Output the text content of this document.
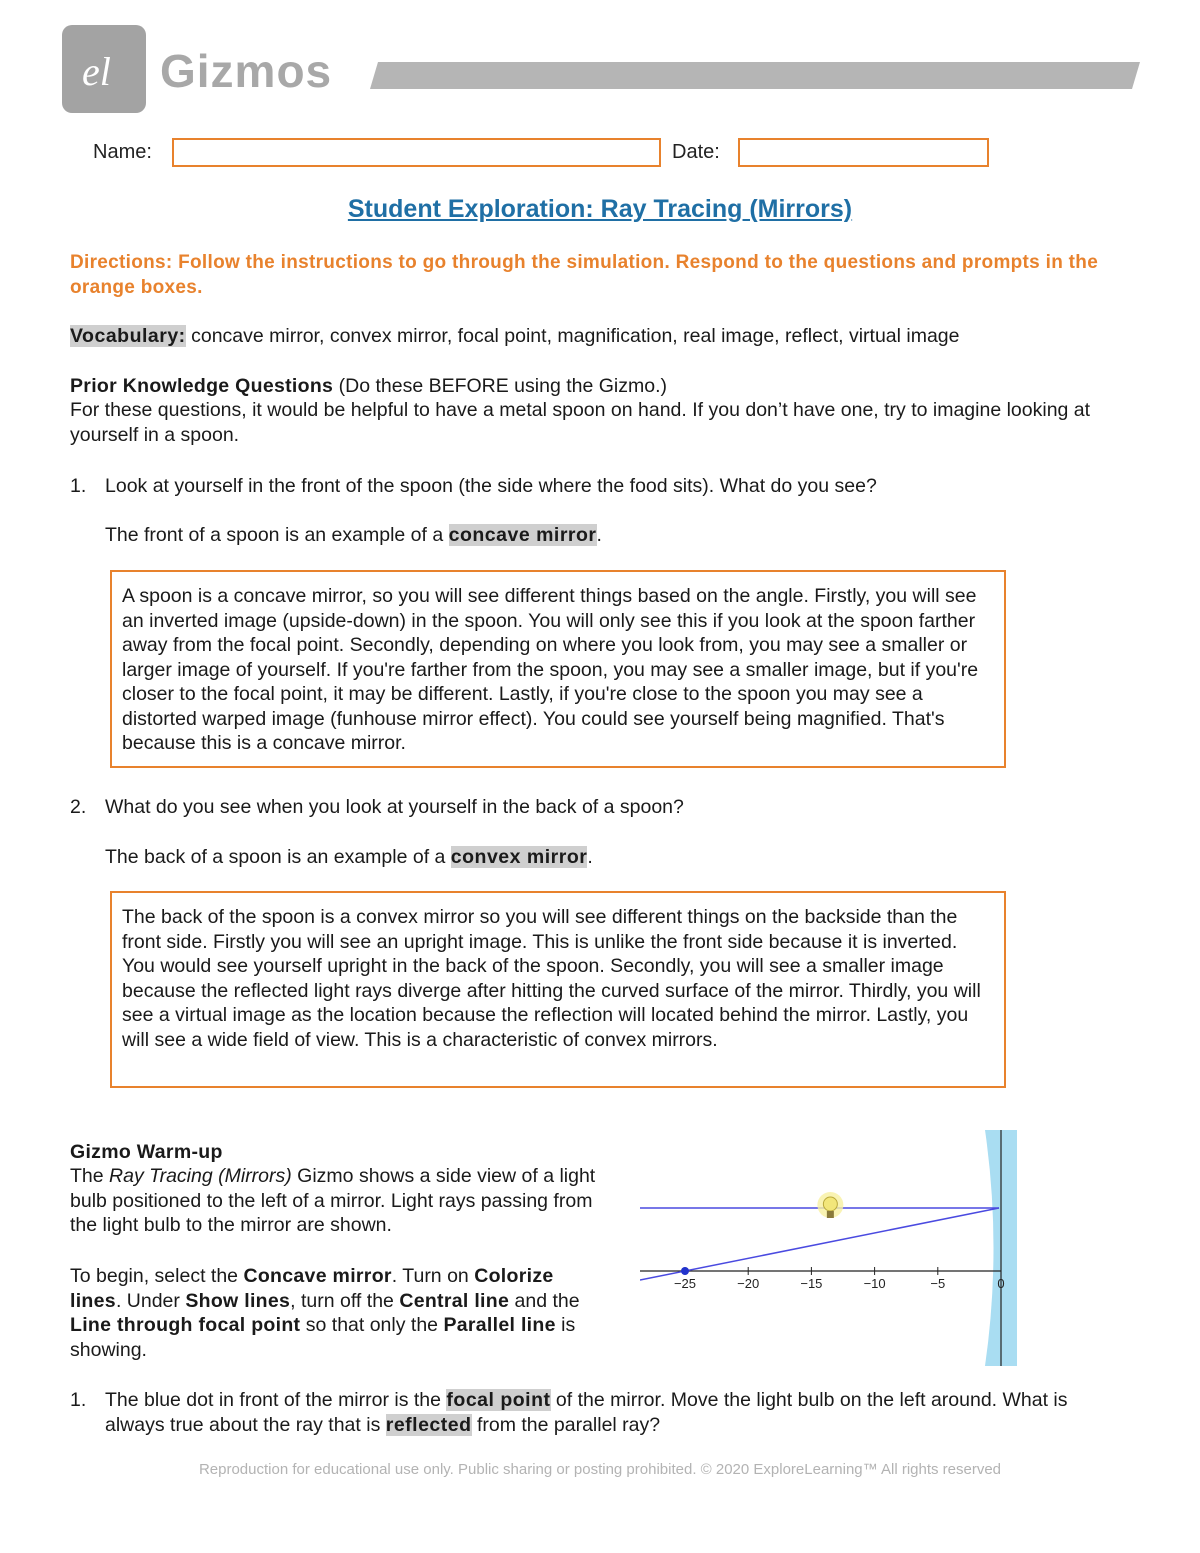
el Gizmos
Name:	Date:
Student Exploration: Ray Tracing (Mirrors)
Directions: Follow the instructions to go through the simulation. Respond to the questions and prompts in the orange boxes.
Vocabulary: concave mirror, convex mirror, focal point, magnification, real image, reflect, virtual image
Prior Knowledge Questions (Do these BEFORE using the Gizmo.)
For these questions, it would be helpful to have a metal spoon on hand. If you don’t have one, try to imagine looking at yourself in a spoon.
1. Look at yourself in the front of the spoon (the side where the food sits). What do you see?
The front of a spoon is an example of a concave mirror.
A spoon is a concave mirror, so you will see different things based on the angle. Firstly, you will see an inverted image (upside-down) in the spoon. You will only see this if you look at the spoon farther away from the focal point. Secondly, depending on where you look from, you may see a smaller or larger image of yourself. If you're farther from the spoon, you may see a smaller image, but if you're closer to the focal point, it may be different. Lastly, if you're close to the spoon you may see a distorted warped image (funhouse mirror effect). You could see yourself being magnified. That's because this is a concave mirror.
2. What do you see when you look at yourself in the back of a spoon?
The back of a spoon is an example of a convex mirror.
The back of the spoon is a convex mirror so you will see different things on the backside than the front side. Firstly you will see an upright image. This is unlike the front side because it is inverted. You would see yourself upright in the back of the spoon. Secondly, you will see a smaller image because the reflected light rays diverge after hitting the curved surface of the mirror. Thirdly, you will see a virtual image as the location because the reflection will located behind the mirror. Lastly, you will see a wide field of view. This is a characteristic of convex mirrors.
Gizmo Warm-up
The Ray Tracing (Mirrors) Gizmo shows a side view of a light bulb positioned to the left of a mirror. Light rays passing from the light bulb to the mirror are shown.
To begin, select the Concave mirror. Turn on Colorize lines. Under Show lines, turn off the Central line and the Line through focal point so that only the Parallel line is showing.
−25	−20	−15	−10	−5	0
1. The blue dot in front of the mirror is the focal point of the mirror. Move the light bulb on the left around. What is always true about the ray that is reflected from the parallel ray?
Reproduction for educational use only. Public sharing or posting prohibited. © 2020 ExploreLearning™ All rights reserved
